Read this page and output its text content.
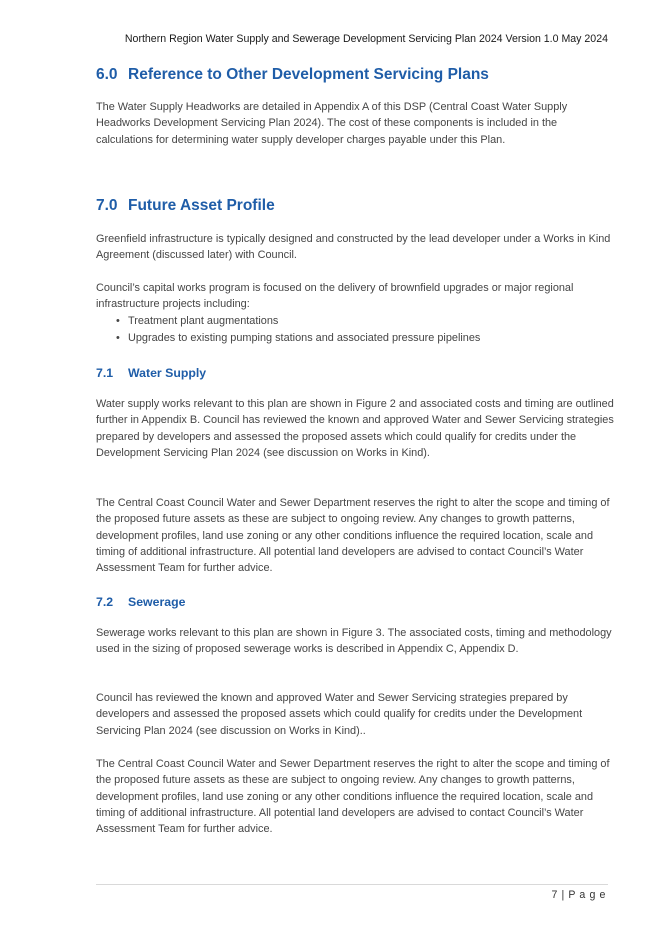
Northern Region Water Supply and Sewerage Development Servicing Plan 2024 Version 1.0 May 2024
6.0 Reference to Other Development Servicing Plans

The Water Supply Headworks are detailed in Appendix A of this DSP (Central Coast Water Supply Headworks Development Servicing Plan 2024). The cost of these components is included in the calculations for determining water supply developer charges payable under this Plan.

7.0 Future Asset Profile

Greenfield infrastructure is typically designed and constructed by the lead developer under a Works in Kind Agreement (discussed later) with Council.

Council’s capital works program is focused on the delivery of brownfield upgrades or major regional infrastructure projects including:

• Treatment plant augmentations
• Upgrades to existing pumping stations and associated pressure pipelines
7.1 Water Supply

Water supply works relevant to this plan are shown in Figure 2 and associated costs and timing are outlined further in Appendix B. Council has reviewed the known and approved Water and Sewer Servicing strategies prepared by developers and assessed the proposed assets which could qualify for credits under the Development Servicing Plan 2024 (see discussion on Works in Kind).

The Central Coast Council Water and Sewer Department reserves the right to alter the scope and timing of the proposed future assets as these are subject to ongoing review. Any changes to growth patterns, development profiles, land use zoning or any other conditions influence the required location, scale and timing of additional infrastructure. All potential land developers are advised to contact Council’s Water Assessment Team for further advice.

7.2 Sewerage

Sewerage works relevant to this plan are shown in Figure 3. The associated costs, timing and methodology used in the sizing of proposed sewerage works is described in Appendix C, Appendix D.

Council has reviewed the known and approved Water and Sewer Servicing strategies prepared by developers and assessed the proposed assets which could qualify for credits under the Development Servicing Plan 2024 (see discussion on Works in Kind)..

The Central Coast Council Water and Sewer Department reserves the right to alter the scope and timing of the proposed future assets as these are subject to ongoing review. Any changes to growth patterns, development profiles, land use zoning or any other conditions influence the required location, scale and timing of additional infrastructure. All potential land developers are advised to contact Council’s Water Assessment Team for further advice.

7 | P a g e
